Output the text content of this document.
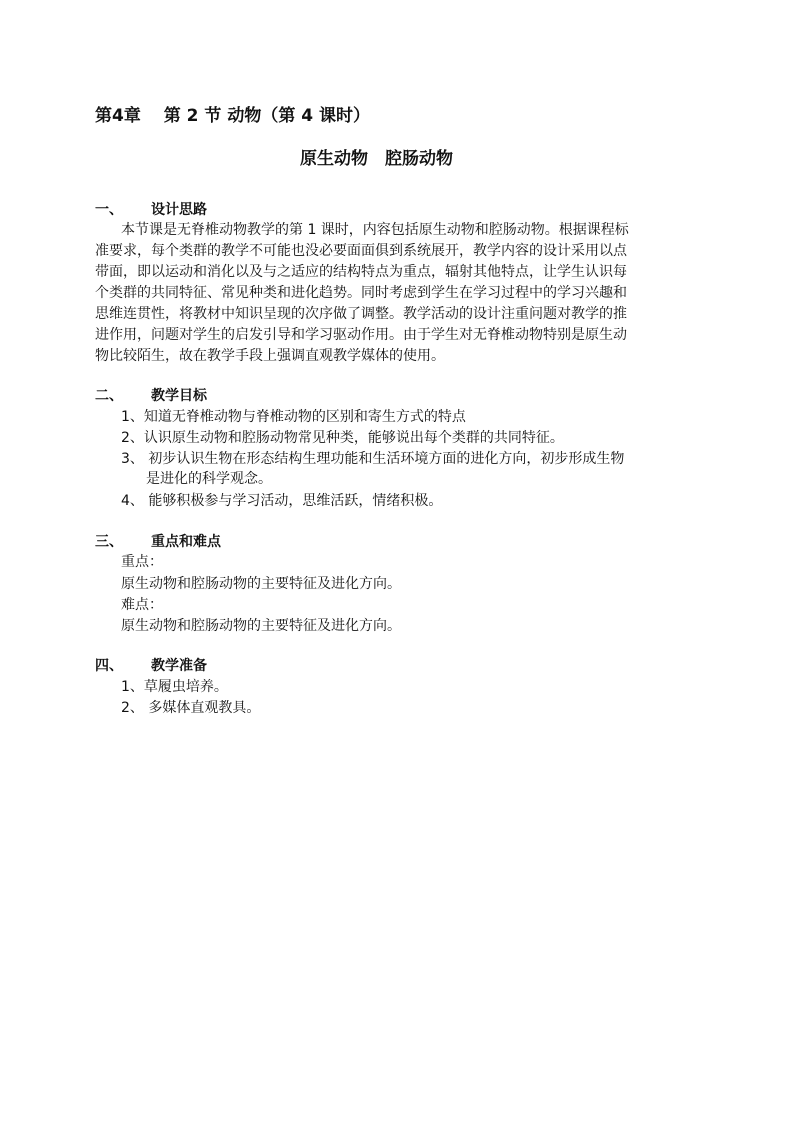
第4章　 第 2 节 动物（第 4 课时）
原生动物　腔肠动物
一、 设计思路
本节课是无脊椎动物教学的第 1 课时，内容包括原生动物和腔肠动物。根据课程标
准要求，每个类群的教学不可能也没必要面面俱到系统展开，教学内容的设计采用以点
带面，即以运动和消化以及与之适应的结构特点为重点，辐射其他特点，让学生认识每
个类群的共同特征、常见种类和进化趋势。同时考虑到学生在学习过程中的学习兴趣和
思维连贯性，将教材中知识呈现的次序做了调整。教学活动的设计注重问题对教学的推
进作用，问题对学生的启发引导和学习驱动作用。由于学生对无脊椎动物特别是原生动
物比较陌生，故在教学手段上强调直观教学媒体的使用。
二、 教学目标
1、知道无脊椎动物与脊椎动物的区别和寄生方式的特点
2、认识原生动物和腔肠动物常见种类，能够说出每个类群的共同特征。
3、 初步认识生物在形态结构生理功能和生活环境方面的进化方向，初步形成生物
是进化的科学观念。
4、 能够积极参与学习活动，思维活跃，情绪积极。
三、 重点和难点
重点：
原生动物和腔肠动物的主要特征及进化方向。
难点：
原生动物和腔肠动物的主要特征及进化方向。
四、 教学准备
1、草履虫培养。
2、 多媒体直观教具。
